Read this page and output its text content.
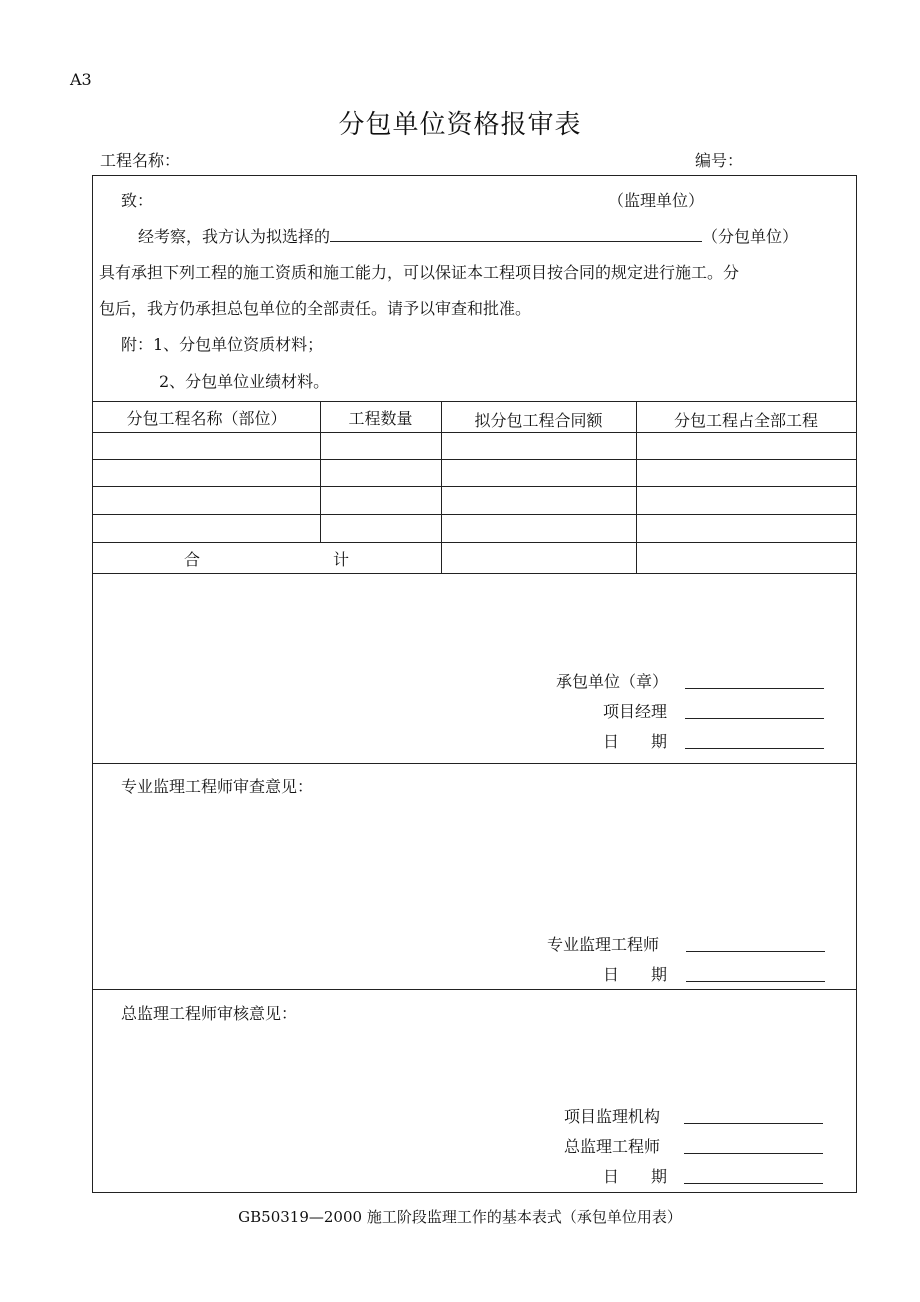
A3
分包单位资格报审表
工程名称：	编号：
致：	（监理单位）
经考察，我方认为拟选择的	（分包单位）
具有承担下列工程的施工资质和施工能力，可以保证本工程项目按合同的规定进行施工。分
包后，我方仍承担总包单位的全部责任。请予以审查和批准。
附：1、分包单位资质材料；
2、分包单位业绩材料。
分包工程名称（部位）	工程数量	拟分包工程合同额	分包工程占全部工程
合	计
承包单位（章）
项目经理
日　　期
专业监理工程师审查意见：
专业监理工程师
日　　期
总监理工程师审核意见：
项目监理机构
总监理工程师
日　　期
GB50319—2000 施工阶段监理工作的基本表式（承包单位用表）
